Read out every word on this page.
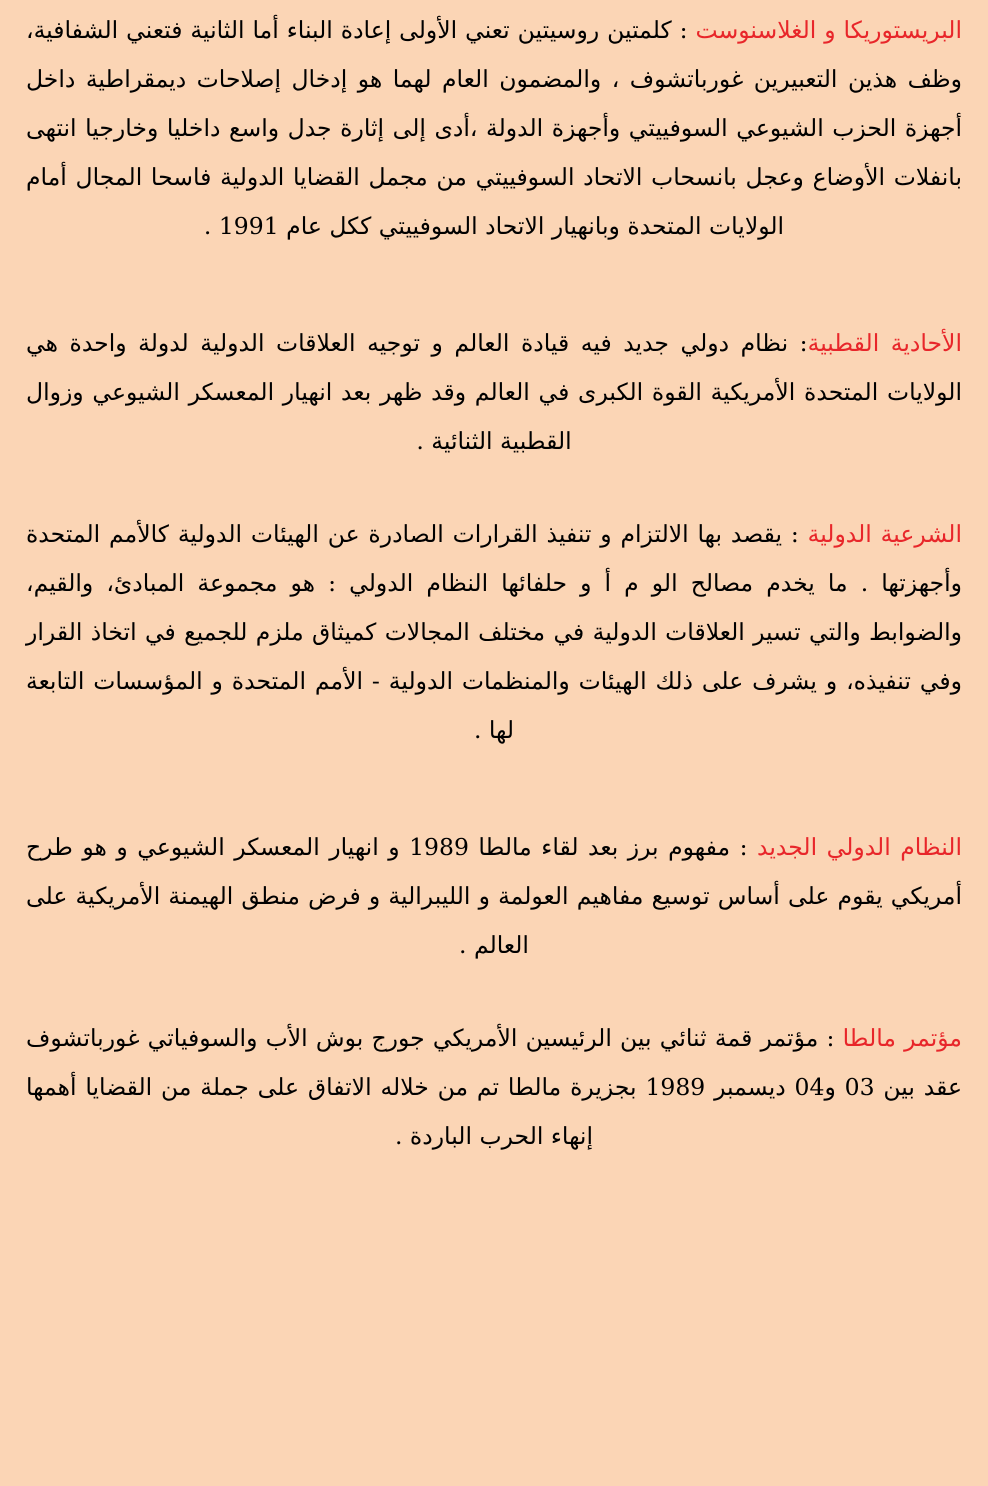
البريستوريكا و الغلاسنوست : كلمتين روسيتين تعني الأولى إعادة البناء أما الثانية فتعني الشفافية، وظف هذين التعبيرين غورباتشوف ، والمضمون العام لهما هو إدخال إصلاحات ديمقراطية داخل أجهزة الحزب الشيوعي السوفييتي وأجهزة الدولة ،أدى إلى إثارة جدل واسع داخليا وخارجيا انتهى بانفلات الأوضاع وعجل بانسحاب الاتحاد السوفييتي من مجمل القضايا الدولية فاسحا المجال أمام الولايات المتحدة وبانهيار الاتحاد السوفييتي ككل عام 1991 .

الأحادية القطبية: نظام دولي جديد فيه قيادة العالم و توجيه العلاقات الدولية لدولة واحدة هي الولايات المتحدة الأمريكية القوة الكبرى في العالم وقد ظهر بعد انهيار المعسكر الشيوعي وزوال القطبية الثنائية .

الشرعية الدولية : يقصد بها الالتزام و تنفيذ القرارات الصادرة عن الهيئات الدولية كالأمم المتحدة وأجهزتها . ما يخدم مصالح الو م أ و حلفائها النظام الدولي : هو مجموعة المبادئ، والقيم، والضوابط والتي تسير العلاقات الدولية في مختلف المجالات كميثاق ملزم للجميع في اتخاذ القرار وفي تنفيذه، و يشرف على ذلك الهيئات والمنظمات الدولية - الأمم المتحدة و المؤسسات التابعة لها .

النظام الدولي الجديد : مفهوم برز بعد لقاء مالطا 1989 و انهيار المعسكر الشيوعي و هو طرح أمريكي يقوم على أساس توسيع مفاهيم العولمة و الليبرالية و فرض منطق الهيمنة الأمريكية على العالم .

مؤتمر مالطا : مؤتمر قمة ثنائي بين الرئيسين الأمريكي جورج بوش الأب والسوفياتي غورباتشوف عقد بين 03 و04 ديسمبر 1989 بجزيرة مالطا تم من خلاله الاتفاق على جملة من القضايا أهمها إنهاء الحرب الباردة .
